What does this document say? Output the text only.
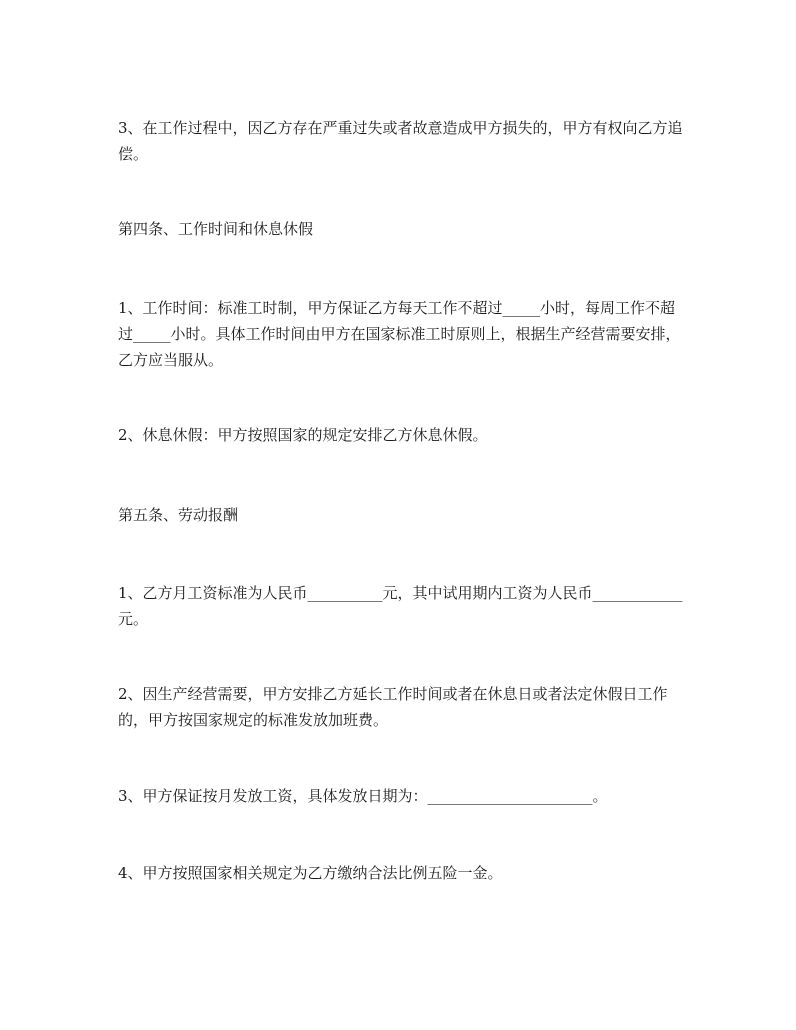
3、在工作过程中，因乙方存在严重过失或者故意造成甲方损失的，甲方有权向乙方追偿。

第四条、工作时间和休息休假

1、工作时间：标准工时制，甲方保证乙方每天工作不超过_____小时，每周工作不超过_____小时。具体工作时间由甲方在国家标准工时原则上，根据生产经营需要安排，乙方应当服从。

2、休息休假：甲方按照国家的规定安排乙方休息休假。

第五条、劳动报酬

1、乙方月工资标准为人民币__________元，其中试用期内工资为人民币____________元。

2、因生产经营需要，甲方安排乙方延长工作时间或者在休息日或者法定休假日工作的，甲方按国家规定的标准发放加班费。

3、甲方保证按月发放工资，具体发放日期为：______________________。

4、甲方按照国家相关规定为乙方缴纳合法比例五险一金。
